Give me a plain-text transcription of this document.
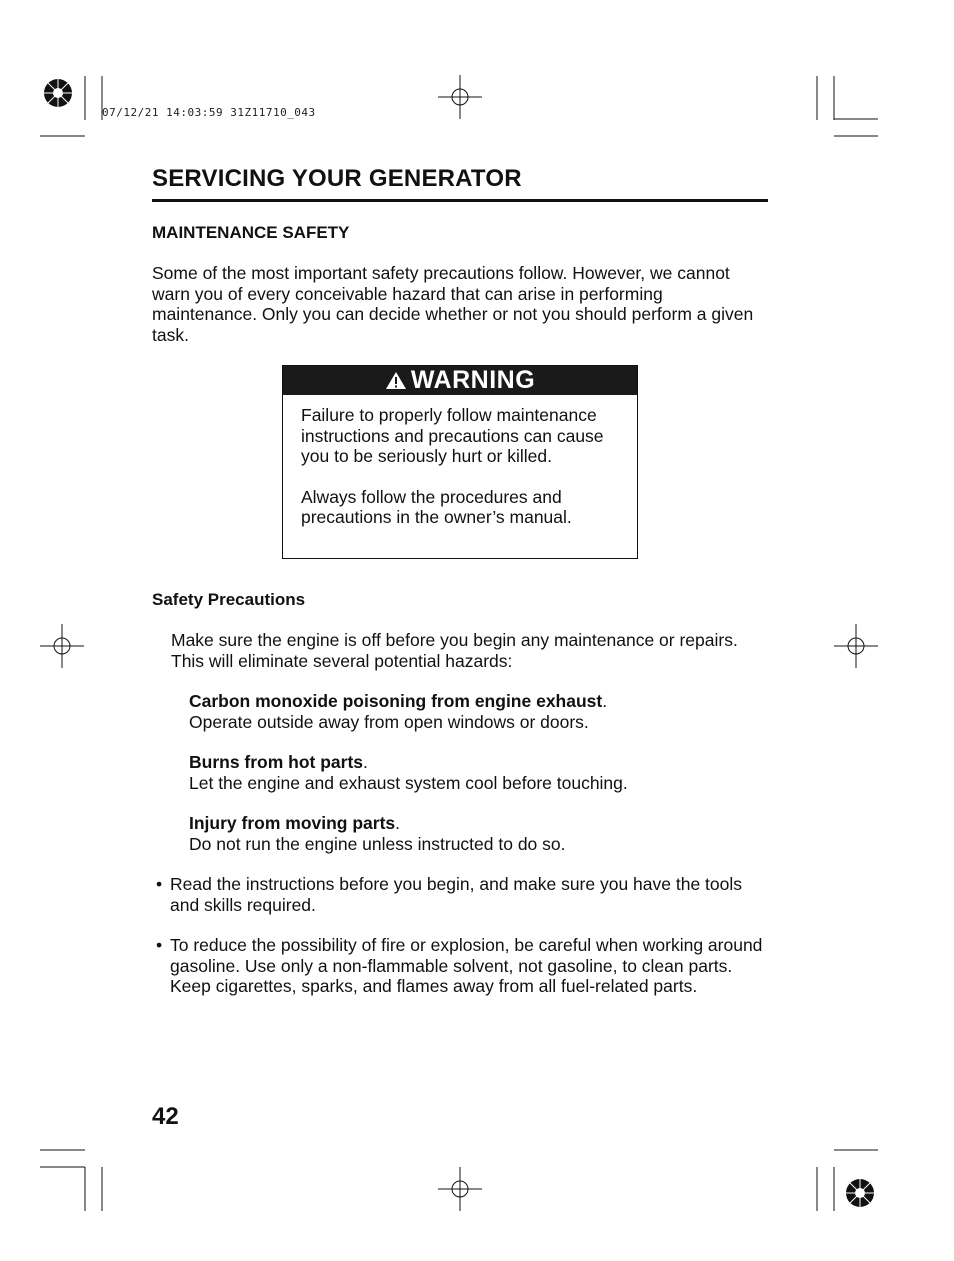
07/12/21 14:03:59 31Z11710_043
SERVICING YOUR GENERATOR
MAINTENANCE SAFETY

Some of the most important safety precautions follow. However, we cannot warn you of every conceivable hazard that can arise in performing maintenance. Only you can decide whether or not you should perform a given task.

WARNING

Failure to properly follow maintenance instructions and precautions can cause you to be seriously hurt or killed.

Always follow the procedures and precautions in the owner’s manual.

Safety Precautions

Make sure the engine is off before you begin any maintenance or repairs. This will eliminate several potential hazards:

Carbon monoxide poisoning from engine exhaust.
Operate outside away from open windows or doors.
Burns from hot parts.
Let the engine and exhaust system cool before touching.
Injury from moving parts.
Do not run the engine unless instructed to do so.
• Read the instructions before you begin, and make sure you have the tools and skills required.
• To reduce the possibility of fire or explosion, be careful when working around gasoline. Use only a non-flammable solvent, not gasoline, to clean parts. Keep cigarettes, sparks, and flames away from all fuel-related parts.
42
